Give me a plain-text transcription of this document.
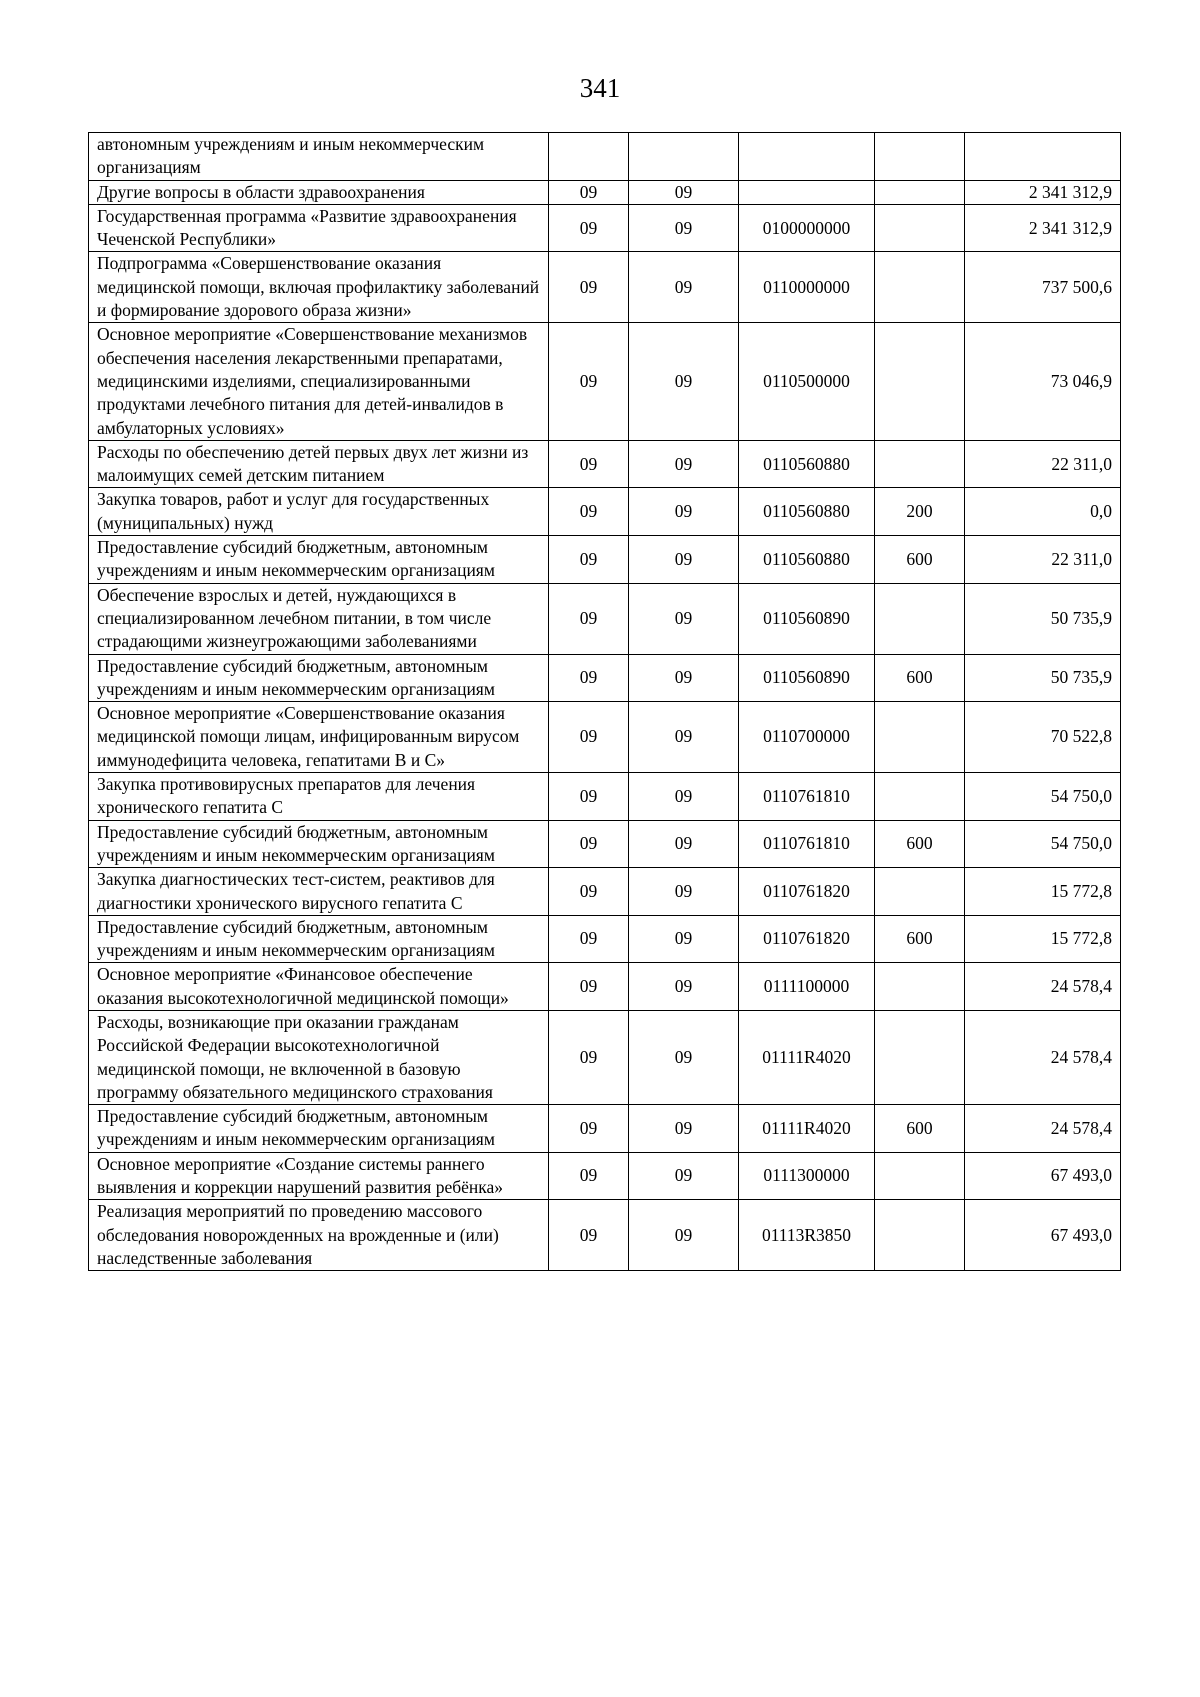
341
автономным учреждениям и иным некоммерческим организациям					
Другие вопросы в области здравоохранения	09	09			2 341 312,9
Государственная программа «Развитие здравоохранения Чеченской Республики»	09	09	0100000000		2 341 312,9
Подпрограмма «Совершенствование оказания медицинской помощи, включая профилактику заболеваний и формирование здорового образа жизни»	09	09	0110000000		737 500,6
Основное мероприятие «Совершенствование механизмов обеспечения населения лекарственными препаратами, медицинскими изделиями, специализированными продуктами лечебного питания для детей-инвалидов в амбулаторных условиях»	09	09	0110500000		73 046,9
Расходы по обеспечению детей первых двух лет жизни из малоимущих семей детским питанием	09	09	0110560880		22 311,0
Закупка товаров, работ и услуг для государственных (муниципальных) нужд	09	09	0110560880	200	0,0
Предоставление субсидий бюджетным, автономным учреждениям и иным некоммерческим организациям	09	09	0110560880	600	22 311,0
Обеспечение взрослых и детей, нуждающихся в специализированном лечебном питании, в том числе страдающими жизнеугрожающими заболеваниями	09	09	0110560890		50 735,9
Предоставление субсидий бюджетным, автономным учреждениям и иным некоммерческим организациям	09	09	0110560890	600	50 735,9
Основное мероприятие «Совершенствование оказания медицинской помощи лицам, инфицированным вирусом иммунодефицита человека, гепатитами B и C»	09	09	0110700000		70 522,8
Закупка противовирусных препаратов для лечения хронического гепатита С	09	09	0110761810		54 750,0
Предоставление субсидий бюджетным, автономным учреждениям и иным некоммерческим организациям	09	09	0110761810	600	54 750,0
Закупка диагностических тест-систем, реактивов для диагностики хронического вирусного гепатита С	09	09	0110761820		15 772,8
Предоставление субсидий бюджетным, автономным учреждениям и иным некоммерческим организациям	09	09	0110761820	600	15 772,8
Основное мероприятие «Финансовое обеспечение оказания высокотехнологичной медицинской помощи»	09	09	0111100000		24 578,4
Расходы, возникающие при оказании гражданам Российской Федерации высокотехнологичной медицинской помощи, не включенной в базовую программу обязательного медицинского страхования	09	09	01111R4020		24 578,4
Предоставление субсидий бюджетным, автономным учреждениям и иным некоммерческим организациям	09	09	01111R4020	600	24 578,4
Основное мероприятие «Создание системы раннего выявления и коррекции нарушений развития ребёнка»	09	09	0111300000		67 493,0
Реализация мероприятий по проведению массового обследования новорожденных на врожденные и (или) наследственные заболевания	09	09	01113R3850		67 493,0
